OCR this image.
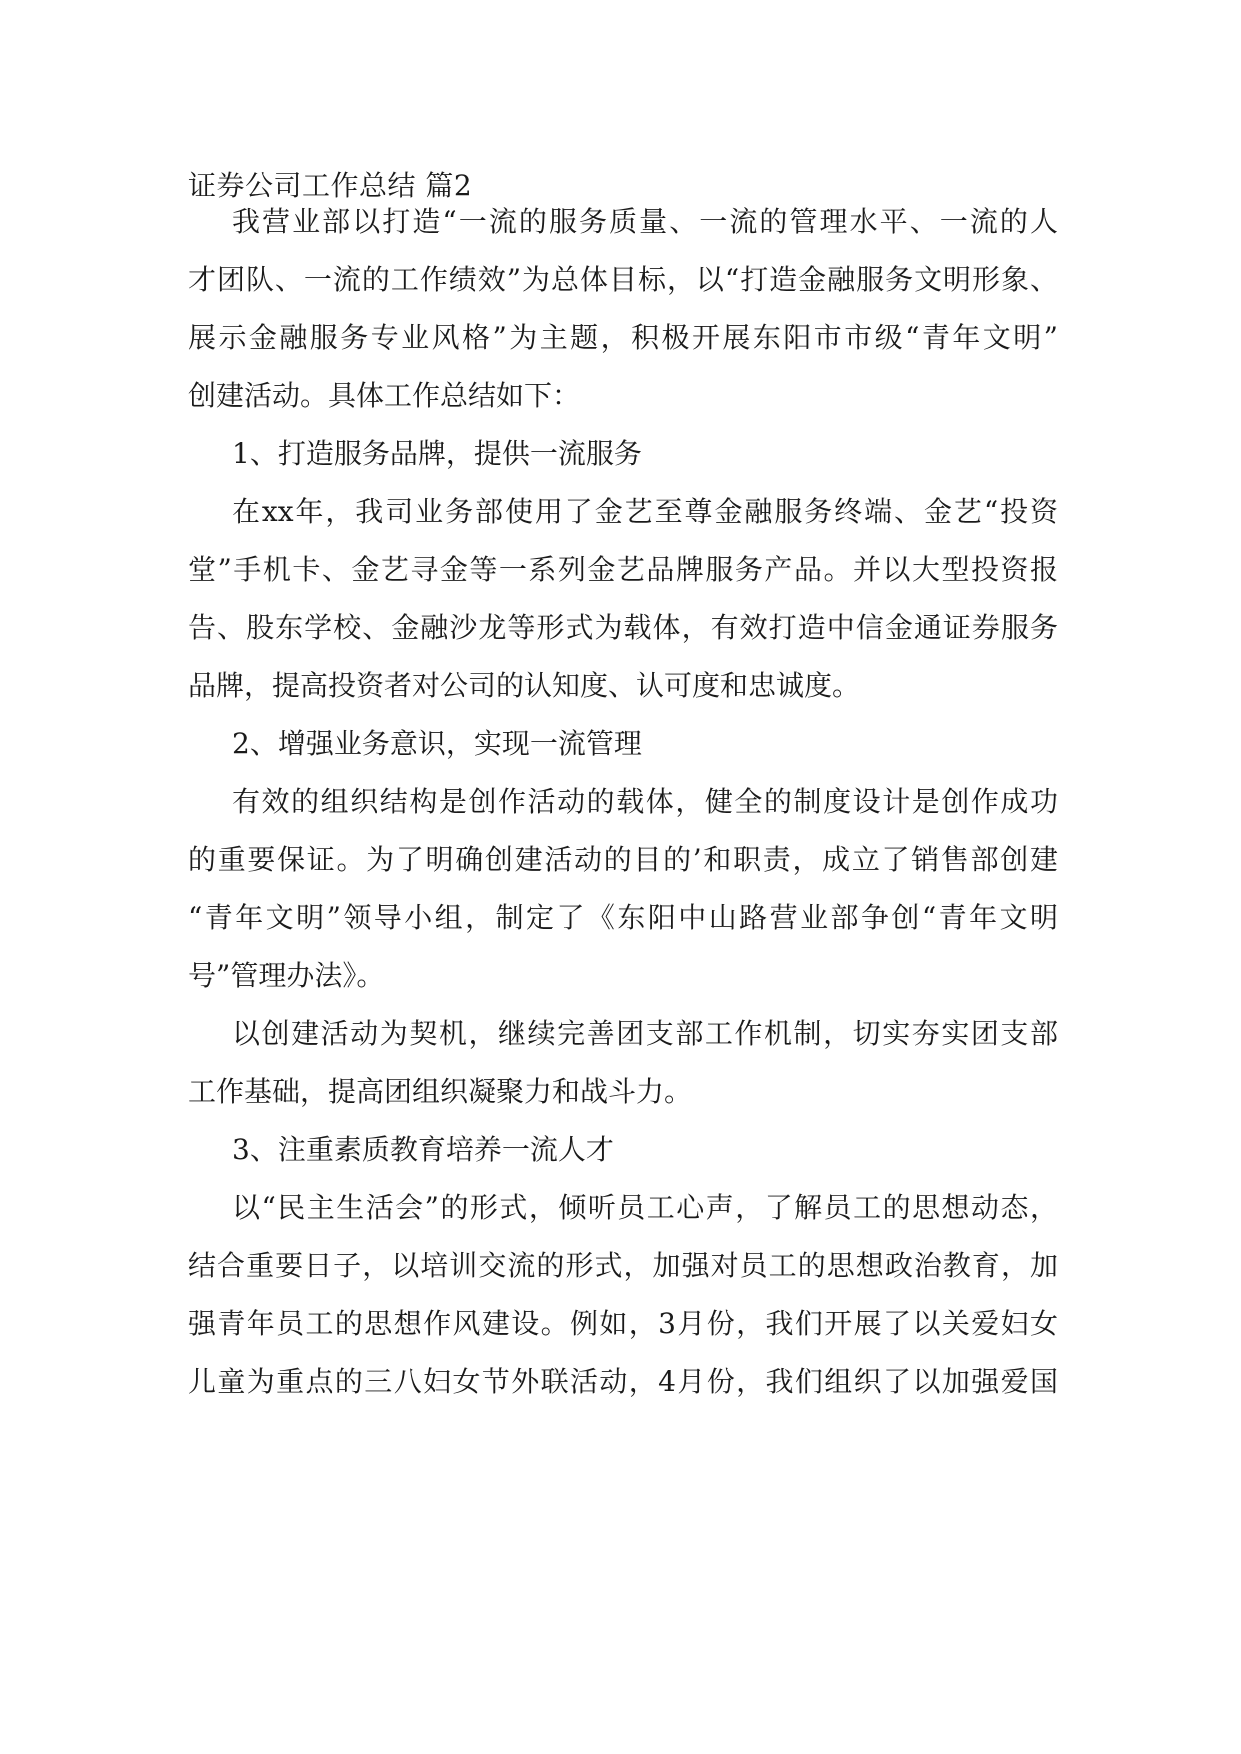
证券公司工作总结 篇2
我营业部以打造“一流的服务质量、一流的管理水平、一流的人
才团队、一流的工作绩效”为总体目标，以“打造金融服务文明形象、
展示金融服务专业风格”为主题，积极开展东阳市市级“青年文明”
创建活动。具体工作总结如下：
1、打造服务品牌，提供一流服务
在xx年，我司业务部使用了金艺至尊金融服务终端、金艺“投资
堂”手机卡、金艺寻金等一系列金艺品牌服务产品。并以大型投资报
告、股东学校、金融沙龙等形式为载体，有效打造中信金通证券服务
品牌，提高投资者对公司的认知度、认可度和忠诚度。
2、增强业务意识，实现一流管理
有效的组织结构是创作活动的载体，健全的制度设计是创作成功
的重要保证。为了明确创建活动的目的’和职责，成立了销售部创建
“青年文明”领导小组，制定了《东阳中山路营业部争创“青年文明
号”管理办法》。
以创建活动为契机，继续完善团支部工作机制，切实夯实团支部
工作基础，提高团组织凝聚力和战斗力。
3、注重素质教育培养一流人才
以“民主生活会”的形式，倾听员工心声，了解员工的思想动态，
结合重要日子，以培训交流的形式，加强对员工的思想政治教育，加
强青年员工的思想作风建设。例如，3月份，我们开展了以关爱妇女
儿童为重点的三八妇女节外联活动，4月份，我们组织了以加强爱国
